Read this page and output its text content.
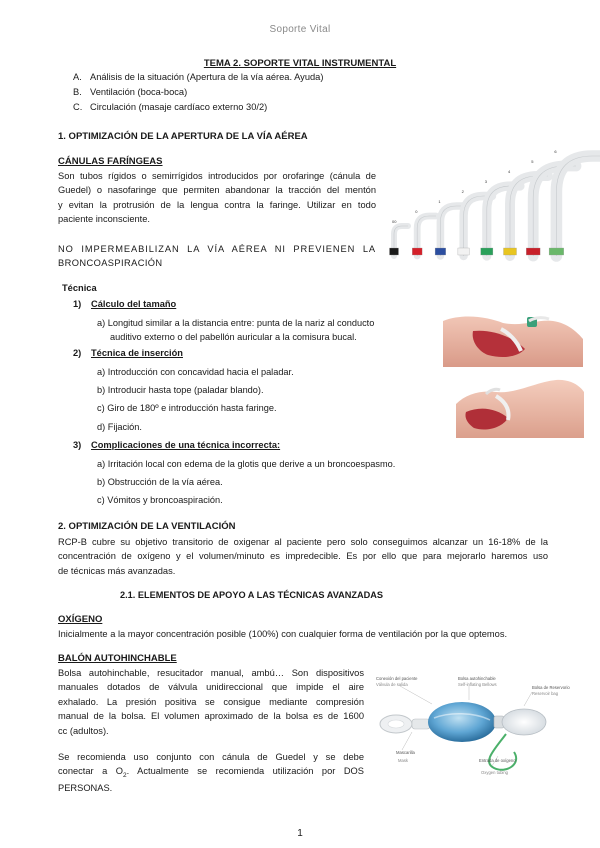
Soporte Vital
TEMA 2. SOPORTE VITAL INSTRUMENTAL
A. Análisis de la situación (Apertura de la vía aérea. Ayuda)
B. Ventilación (boca-boca)
C. Circulación (masaje cardíaco externo 30/2)
1. OPTIMIZACIÓN DE LA APERTURA DE LA VÍA AÉREA
CÁNULAS FARÍNGEAS
Son tubos rígidos o semirrígidos introducidos por orofaringe (cánula de
Guedel) o nasofaringe que permiten abandonar la tracción del mentón
y evitan la protrusión de la lengua contra la faringe. Utilizar en todo
paciente inconsciente.
NO IMPERMEABILIZAN LA VÍA AÉREA NI PREVIENEN LA
BRONCOASPIRACIÓN
00
0
1
2
3
4
5
6
Técnica
1) Cálculo del tamaño
a) Longitud similar a la distancia entre: punta de la nariz al conducto
auditivo externo o del pabellón auricular a la comisura bucal.
2) Técnica de inserción
a) Introducción con concavidad hacia el paladar.
b) Introducir hasta tope (paladar blando).
c) Giro de 180º e introducción hasta faringe.
d) Fijación.
3) Complicaciones de una técnica incorrecta:
a) Irritación local con edema de la glotis que derive a un broncoespasmo.
b) Obstrucción de la vía aérea.
c) Vómitos y broncoaspiración.
2. OPTIMIZACIÓN DE LA VENTILACIÓN
RCP-B cubre su objetivo transitorio de oxigenar al paciente pero solo conseguimos alcanzar un 16-18% de la
concentración de oxígeno y el volumen/minuto es impredecible. Es por ello que para mejorarlo haremos uso
de técnicas más avanzadas.
2.1. ELEMENTOS DE APOYO A LAS TÉCNICAS AVANZADAS
OXÍGENO
Inicialmente a la mayor concentración posible (100%) con cualquier forma de ventilación por la que optemos.
BALÓN AUTOHINCHABLE
Bolsa autohinchable, resucitador manual, ambú… Son dispositivos
manuales dotados de válvula unidireccional que impide el aire
exhalado. La presión positiva se consigue mediante compresión
manual de la bolsa. El volumen aproximado de la bolsa es de 1600
cc (adultos).
Se recomienda uso conjunto con cánula de Guedel y se debe
conectar a $O_2$. Actualmente se recomienda utilización por DOS
PERSONAS.
Conexión del paciente
Válvula de salida
Bolsa autohinchable
Self-inflating Bellows
Bolsa de Reservorio
Reservoir bag
Mascarilla
Mask	Entrada de oxígeno
Oxygen tubing
1
